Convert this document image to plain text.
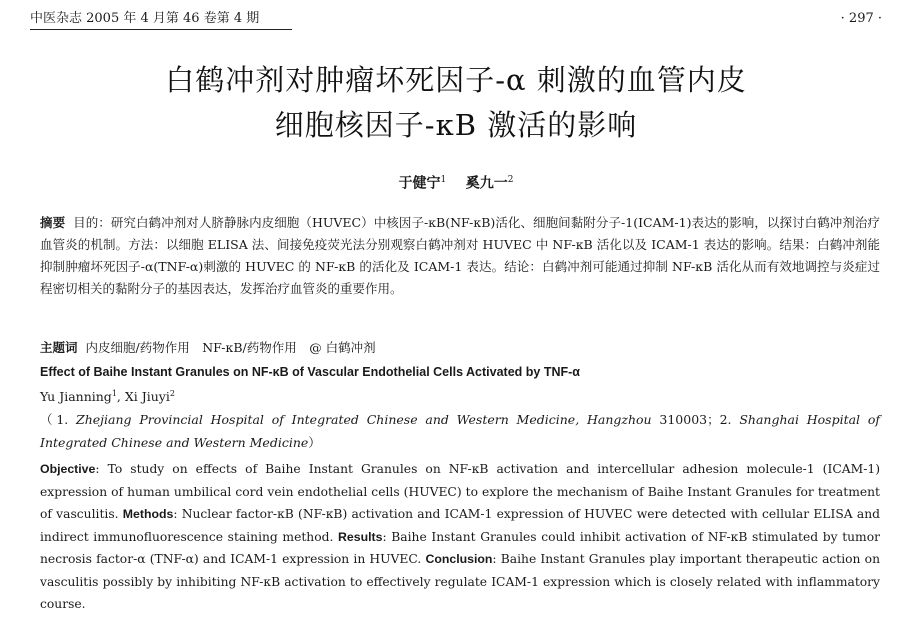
中医杂志 2005 年 4 月第 46 卷第 4 期	· 297 ·
白鹤冲剂对肿瘤坏死因子-α 刺激的血管内皮
细胞核因子-κB 激活的影响
于健宁$^1$ 奚九一$^2$
摘要 目的：研究白鹤冲剂对人脐静脉内皮细胞（HUVEC）中核因子-κB(NF-κB)活化、细胞间黏附分子-1(ICAM-1)表达的影响，以探讨白鹤冲剂治疗血管炎的机制。方法：以细胞 ELISA 法、间接免疫荧光法分别观察白鹤冲剂对 HUVEC 中 NF-κB 活化以及 ICAM-1 表达的影响。结果：白鹤冲剂能抑制肿瘤坏死因子-α(TNF-α)刺激的 HUVEC 的 NF-κB 的活化及 ICAM-1 表达。结论：白鹤冲剂可能通过抑制 NF-κB 活化从而有效地调控与炎症过程密切相关的黏附分子的基因表达，发挥治疗血管炎的重要作用。
主题词 内皮细胞/药物作用　NF-κB/药物作用　@ 白鹤冲剂
Effect of Baihe Instant Granules on NF-κB of Vascular Endothelial Cells Activated by TNF-α
Yu Jianning$^1$, Xi Jiuyi$^2$
（1. Zhejiang Provincial Hospital of Integrated Chinese and Western Medicine, Hangzhou 310003；2. Shanghai Hospital of Integrated Chinese and Western Medicine）
Objective: To study on effects of Baihe Instant Granules on NF-κB activation and intercellular adhesion molecule-1 (ICAM-1) expression of human umbilical cord vein endothelial cells (HUVEC) to explore the mechanism of Baihe Instant Granules for treatment of vasculitis. Methods: Nuclear factor-κB (NF-κB) activation and ICAM-1 expression of HUVEC were detected with cellular ELISA and indirect immunofluorescence staining method. Results: Baihe Instant Granules could inhibit activation of NF-κB stimulated by tumor necrosis factor-α (TNF-α) and ICAM-1 expression in HUVEC. Conclusion: Baihe Instant Granules play important therapeutic action on vasculitis possibly by inhibiting NF-κB activation to effectively regulate ICAM-1 expression which is closely related with inflammatory course.
